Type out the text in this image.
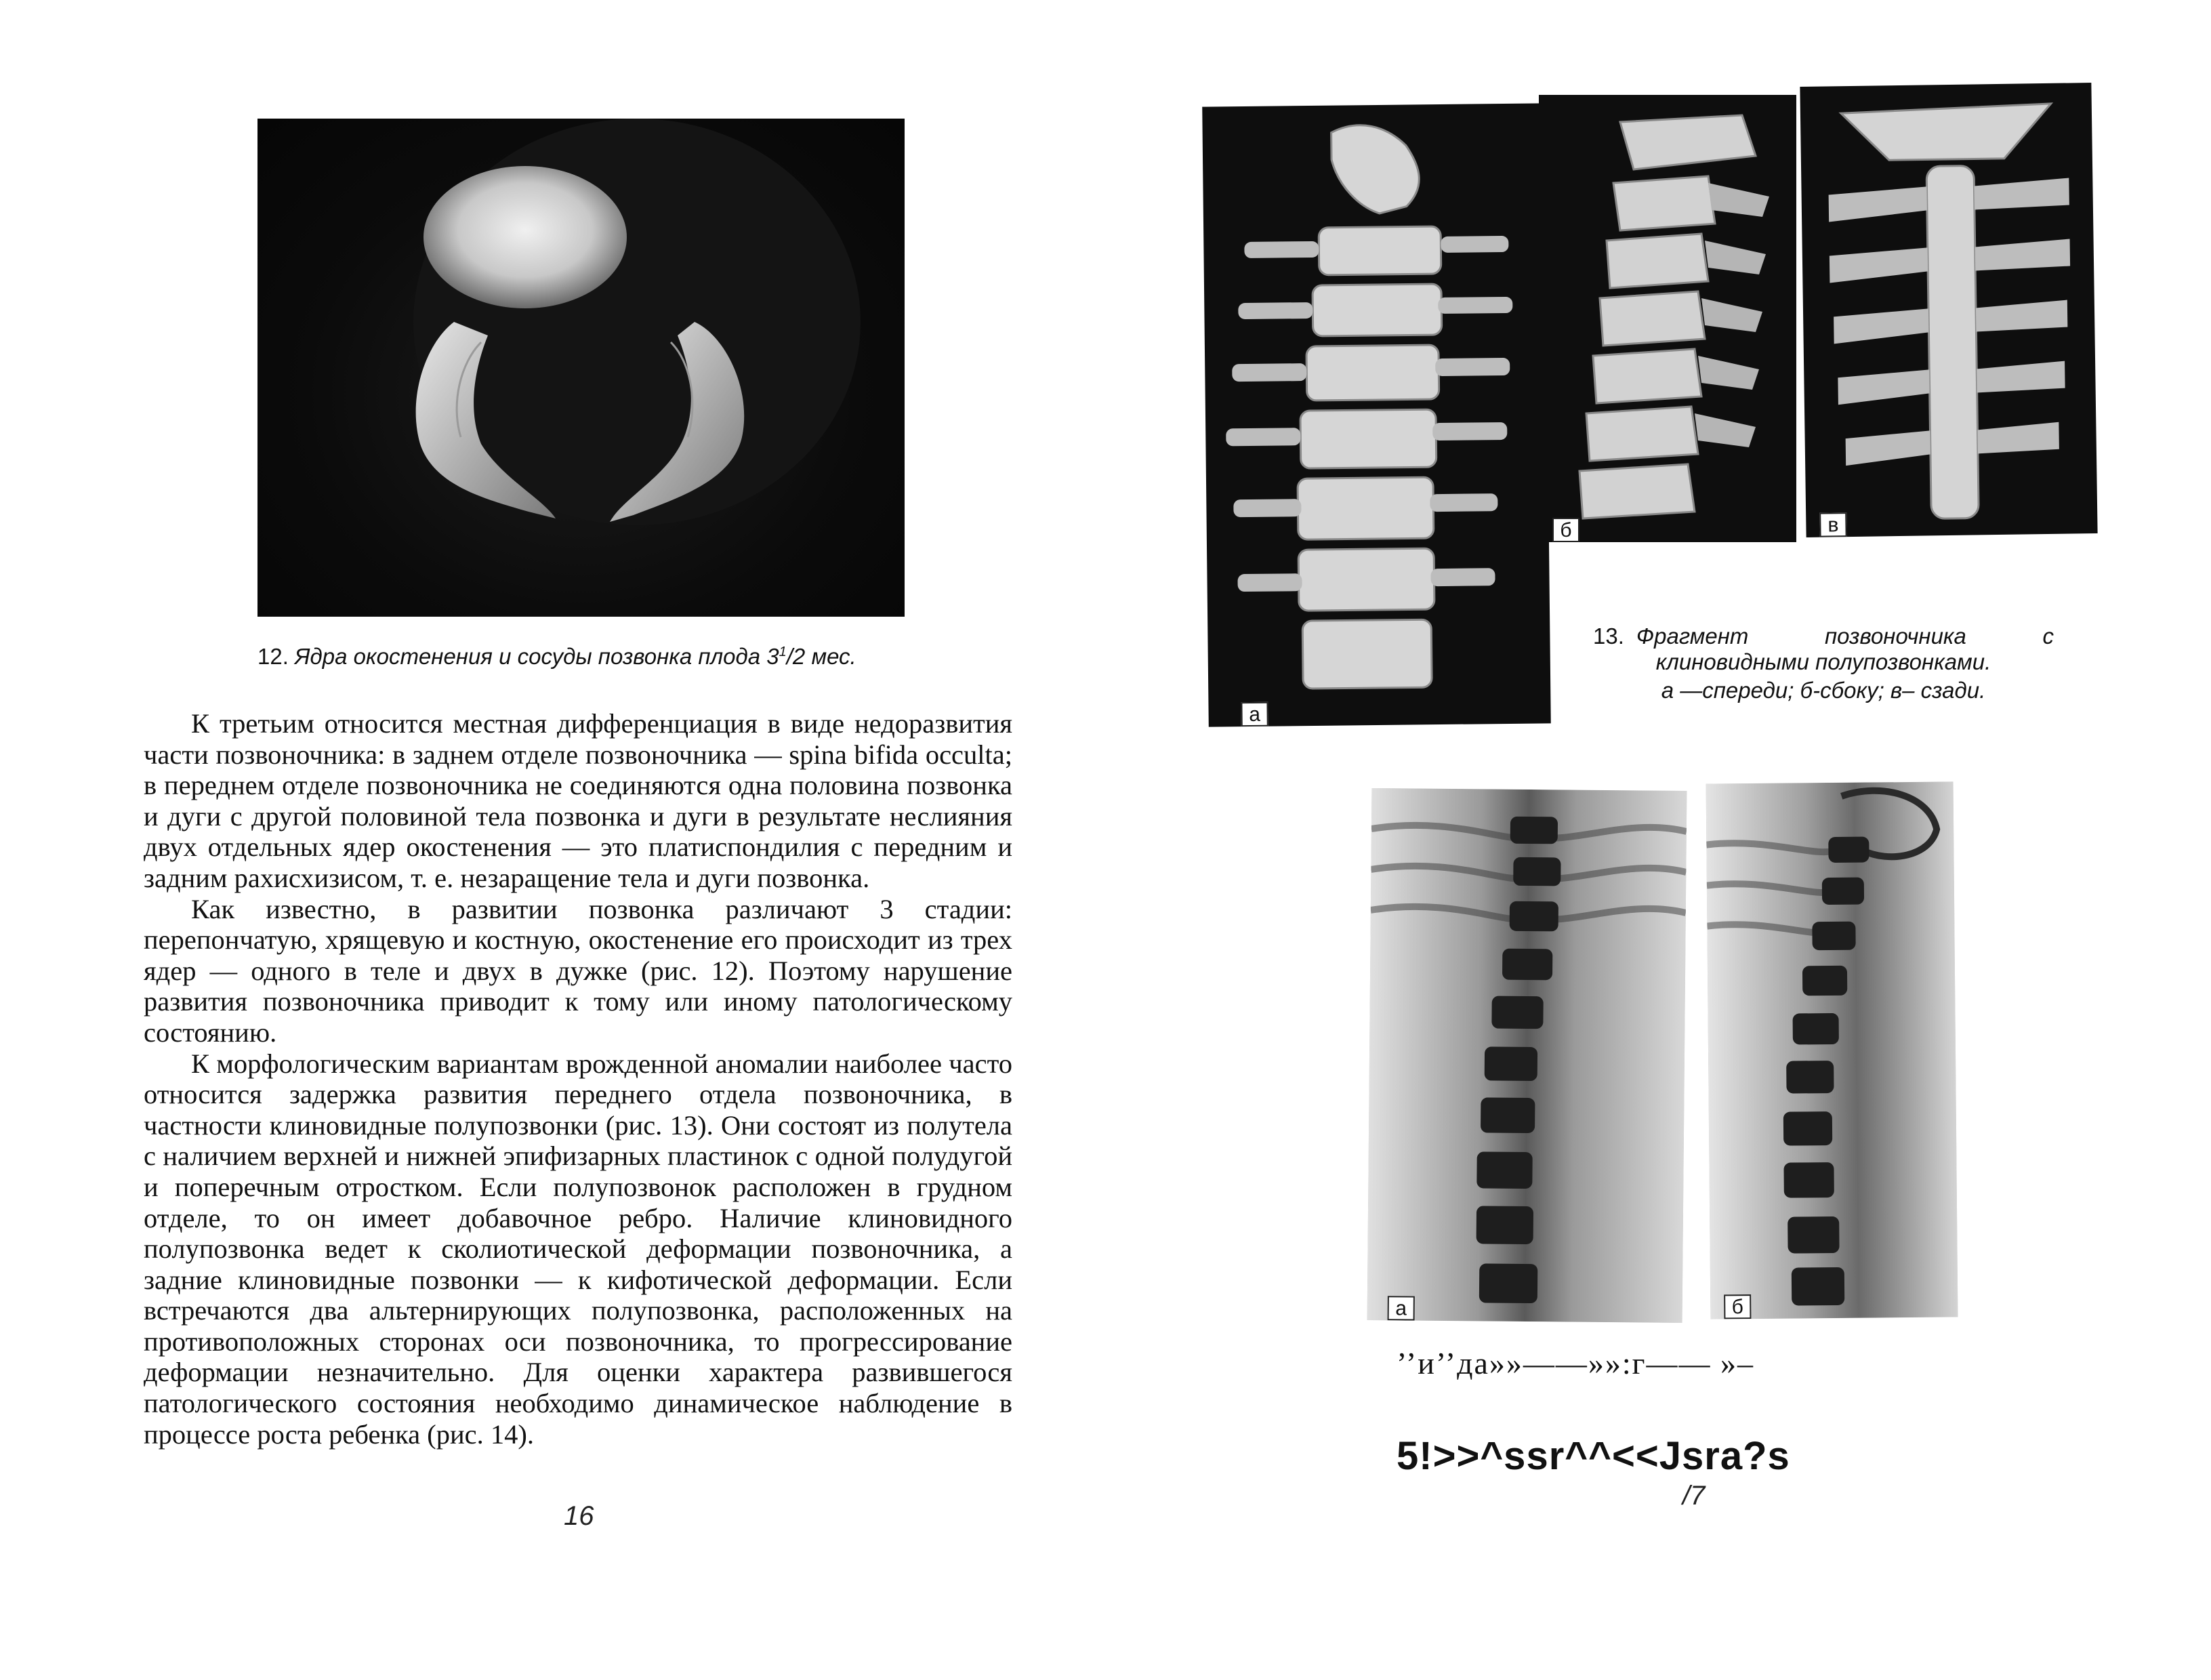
12. Ядра окостенения и сосуды позвонка плода $3^1/2$ мес.

К третьим относится местная дифференциация в виде недоразвития части позвоночника: в заднем отделе позвоночника — spina bifida occulta; в переднем отделе позвоночника не соединяются одна половина позвонка и дуги с другой половиной тела позвонка и дуги в результате неслияния двух отдельных ядер окостенения — это платиспондилия с передним и задним рахисхизисом, т. е. незаращение тела и дуги позвонка.

Как известно, в развитии позвонка различают 3 стадии: перепончатую, хрящевую и костную, окостенение его происходит из трех ядер — одного в теле и двух в дужке (рис. 12). Поэтому нарушение развития позвоночника приводит к тому или иному патологическому состоянию.

К морфологическим вариантам врожденной аномалии наиболее часто относится задержка развития переднего отдела позвоночника, в частности клиновидные полупозвонки (рис. 13). Они состоят из полутела с наличием верхней и нижней эпифизарных пластинок с одной полудугой и поперечным отростком. Если полупозвонок расположен в грудном отделе, то он имеет добавочное ребро. Наличие клиновидного полупозвонка ведет к сколиотической деформации позвоночника, а задние клиновидные позвонки — к кифотической деформации. Если встречаются два альтернирующих полупозвонка, расположенных на противоположных сторонах оси позвоночника, то прогрессирование деформации незначительно. Для оценки характера развившегося патологического состояния необходимо динамическое наблюдение в процессе роста ребенка (рис. 14).

16
а
б	в
13. Фрагмент позвоночника с клиновидными полупозвонками.
а —спереди; б-сбоку; в– сзади.
а	б
’’и’’да»»——»»:г—— »–
5!>>^ssr^^<<Jsra?s
/7
